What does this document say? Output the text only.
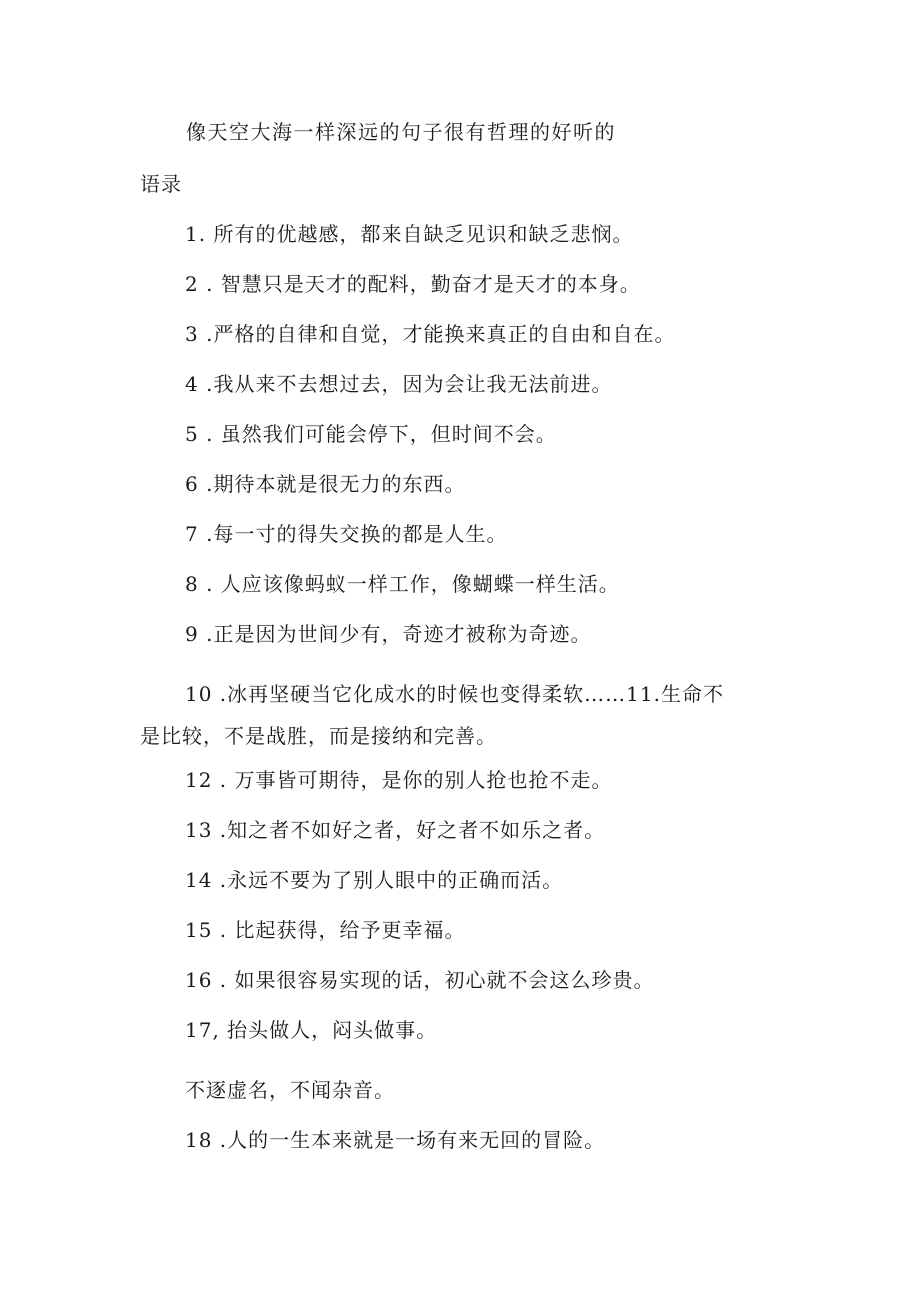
像天空大海一样深远的句子很有哲理的好听的
语录
1. 所有的优越感，都来自缺乏见识和缺乏悲悯。
2 . 智慧只是天才的配料，勤奋才是天才的本身。
3 .严格的自律和自觉，才能换来真正的自由和自在。
4 .我从来不去想过去，因为会让我无法前进。
5 . 虽然我们可能会停下，但时间不会。
6 .期待本就是很无力的东西。
7 .每一寸的得失交换的都是人生。
8 . 人应该像蚂蚁一样工作，像蝴蝶一样生活。
9 .正是因为世间少有，奇迹才被称为奇迹。
10 .冰再坚硬当它化成水的时候也变得柔软……11.生命不
是比较，不是战胜，而是接纳和完善。
12 . 万事皆可期待，是你的别人抢也抢不走。
13 .知之者不如好之者，好之者不如乐之者。
14 .永远不要为了别人眼中的正确而活。
15 . 比起获得，给予更幸福。
16 . 如果很容易实现的话，初心就不会这么珍贵。
17, 抬头做人，闷头做事。
不逐虚名，不闻杂音。
18 .人的一生本来就是一场有来无回的冒险。
